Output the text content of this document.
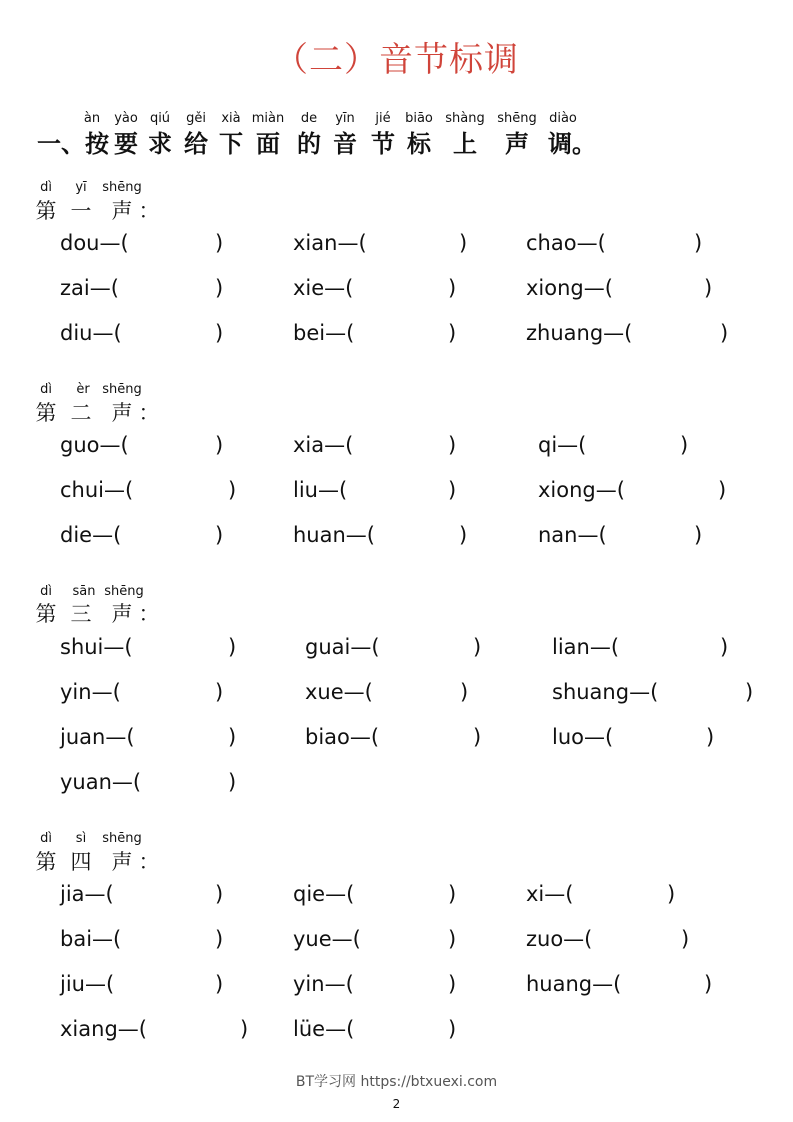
（二）音节标调
àn yào qiú gěi xià miàn de yīn jié biāo shàng shēng diào
一、按 要 求 给 下 面 的 音 节 标 上 声 调。
dì yī shēng
第 一 声 ：
dou—(	)	xian—(	)	chao—(	)
zai—(	)	xie—(	)	xiong—(	)
diu—(	)	bei—(	)	zhuang—(	)
dì èr shēng
第 二 声 ：
guo—(	)	xia—(	)	qi—(	)
chui—(	)	liu—(	)	xiong—(	)
die—(	)	huan—(	)	nan—(	)
dì sān shēng
第 三 声 ：
shui—(	)	guai—(	)	lian—(	)
yin—(	)	xue—(	)	shuang—(	)
juan—(	)	biao—(	)	luo—(	)
yuan—(	)
dì sì shēng
第 四 声 ：
jia—(	)	qie—(	)	xi—(	)
bai—(	)	yue—(	)	zuo—(	)
jiu—(	)	yin—(	)	huang—(	)
xiang—(	) lüe—(	)
BT学习网 https://btxuexi.com
2
